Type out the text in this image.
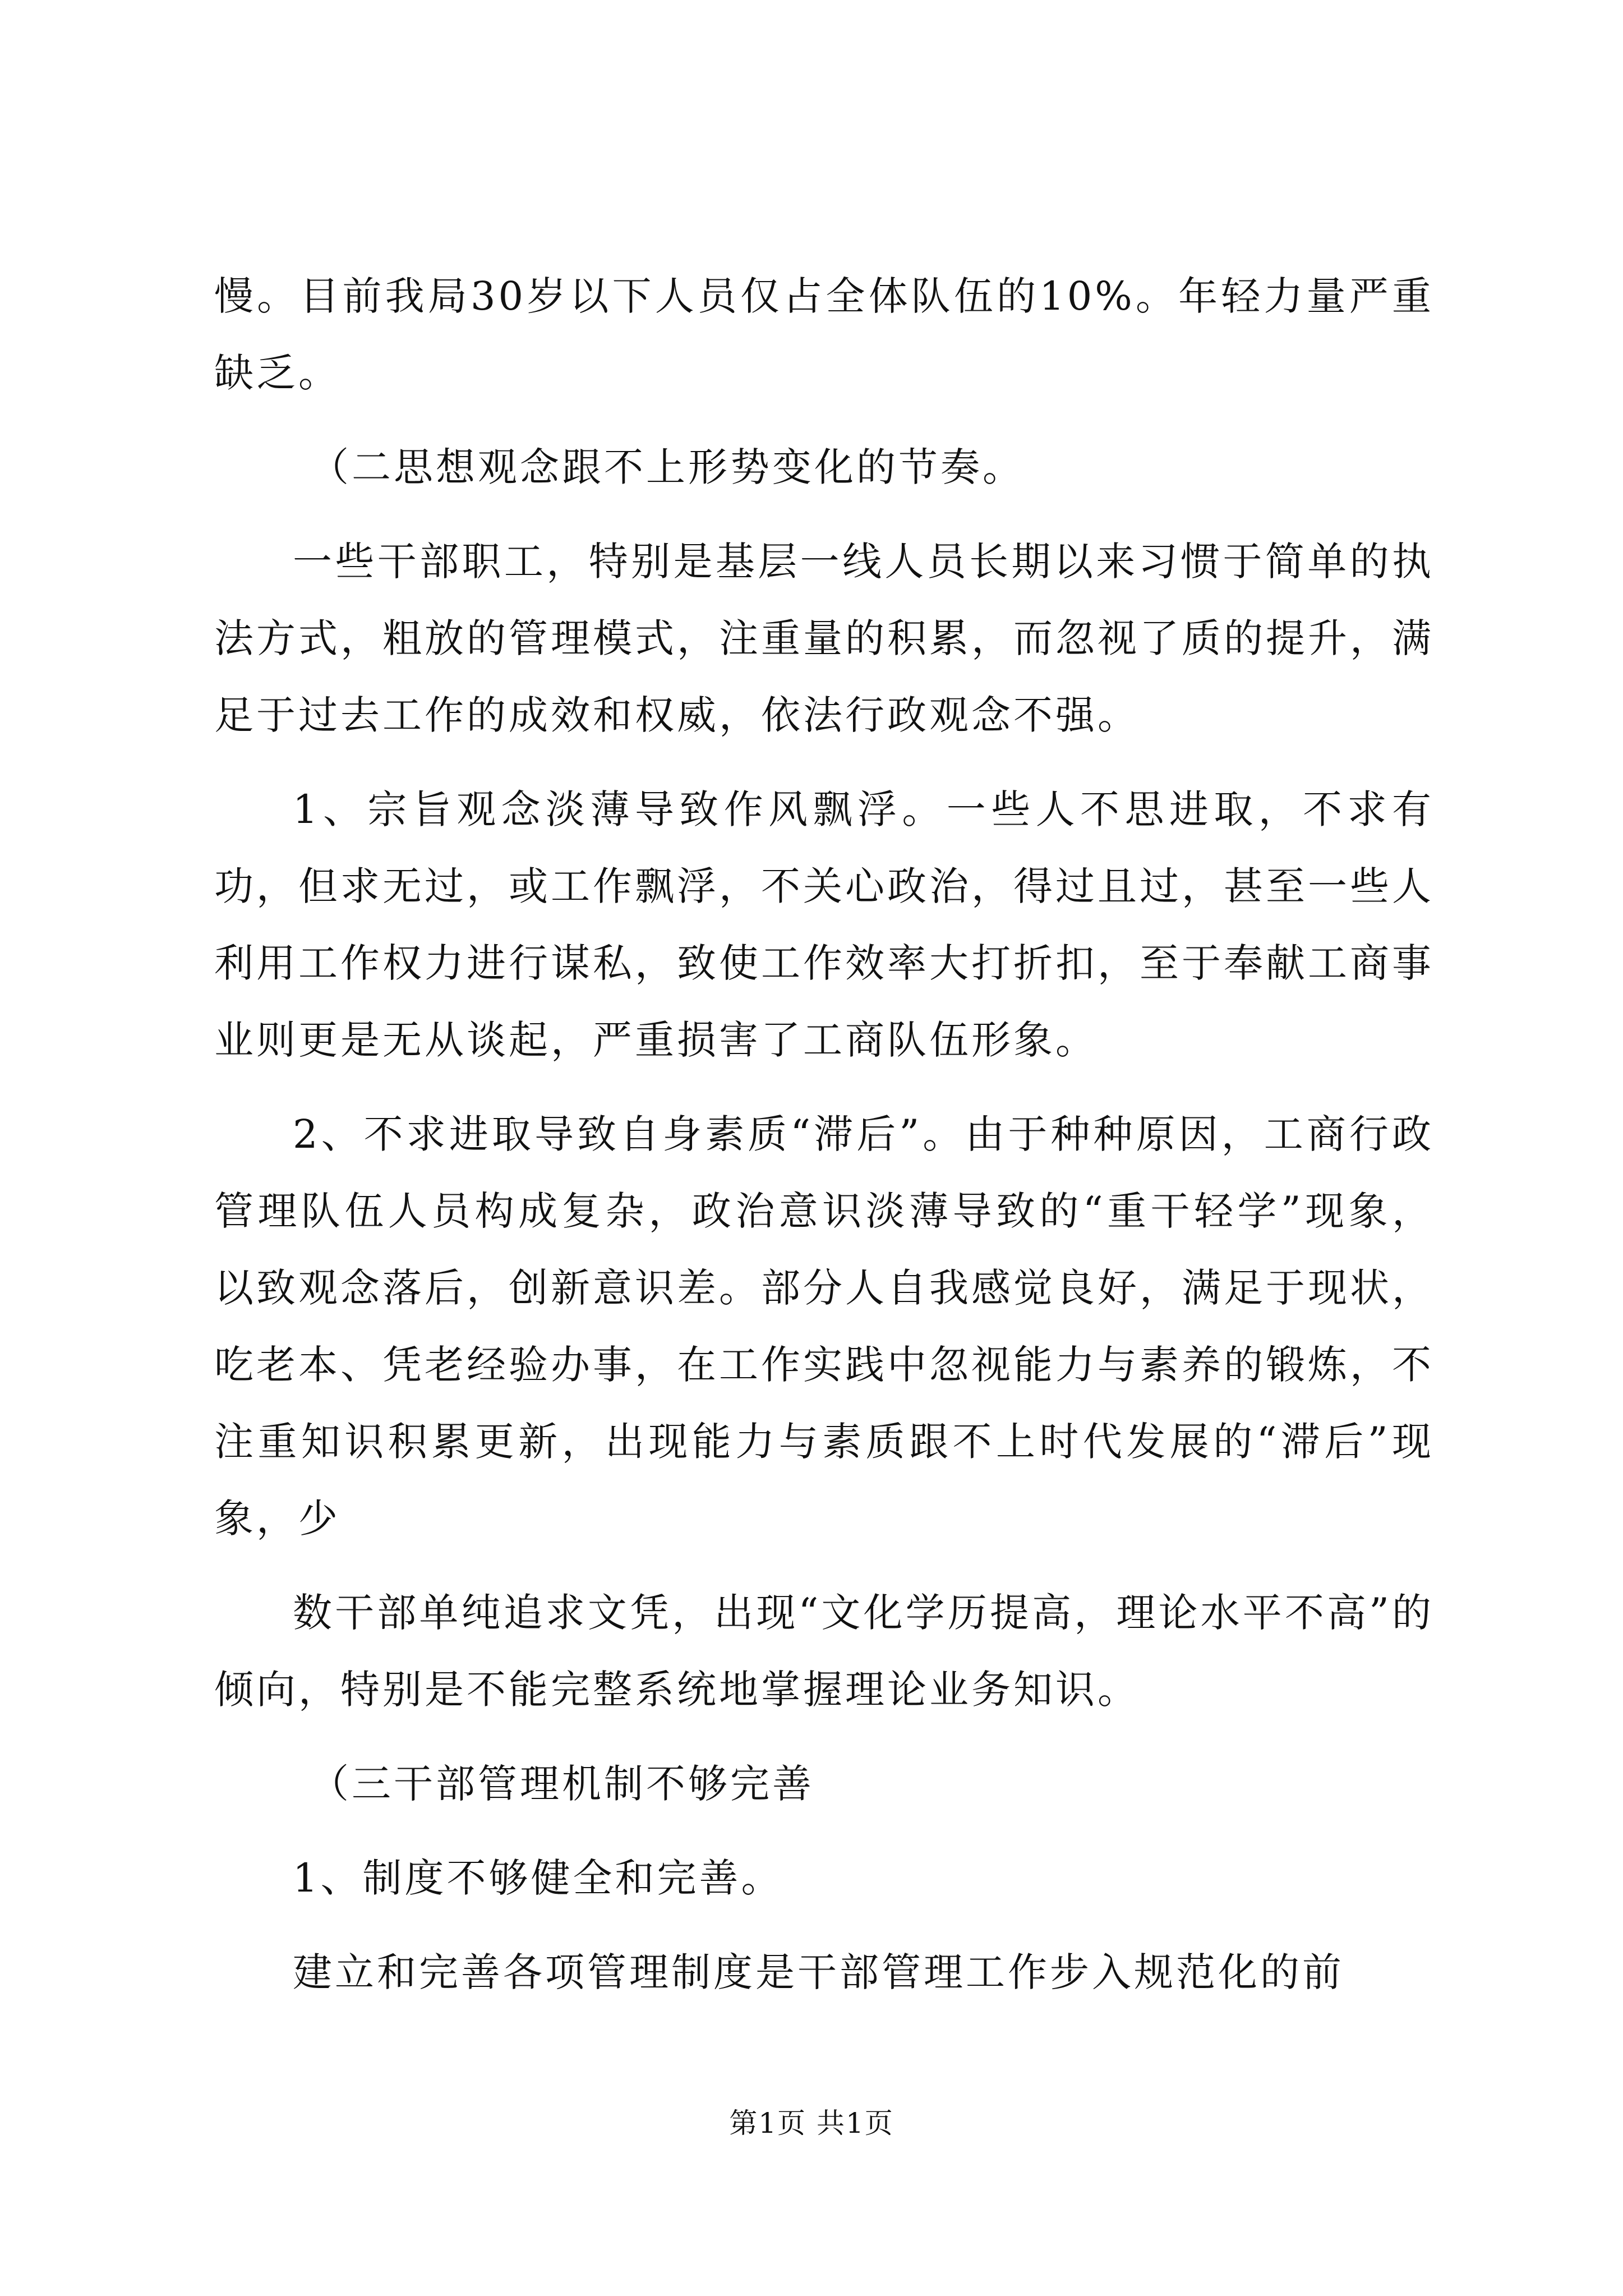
慢。目前我局30岁以下人员仅占全体队伍的10%。年轻力量严重缺乏。

（二思想观念跟不上形势变化的节奏。

一些干部职工，特别是基层一线人员长期以来习惯于简单的执法方式，粗放的管理模式，注重量的积累，而忽视了质的提升，满足于过去工作的成效和权威，依法行政观念不强。

1、宗旨观念淡薄导致作风飘浮。一些人不思进取，不求有功，但求无过，或工作飘浮，不关心政治，得过且过，甚至一些人利用工作权力进行谋私，致使工作效率大打折扣，至于奉献工商事业则更是无从谈起，严重损害了工商队伍形象。

2、不求进取导致自身素质“滞后”。由于种种原因，工商行政管理队伍人员构成复杂，政治意识淡薄导致的“重干轻学”现象，以致观念落后，创新意识差。部分人自我感觉良好，满足于现状，吃老本、凭老经验办事，在工作实践中忽视能力与素养的锻炼，不注重知识积累更新，出现能力与素质跟不上时代发展的“滞后”现象，少

数干部单纯追求文凭，出现“文化学历提高，理论水平不高”的倾向，特别是不能完整系统地掌握理论业务知识。

（三干部管理机制不够完善

1、制度不够健全和完善。

建立和完善各项管理制度是干部管理工作步入规范化的前

第1页 共1页
